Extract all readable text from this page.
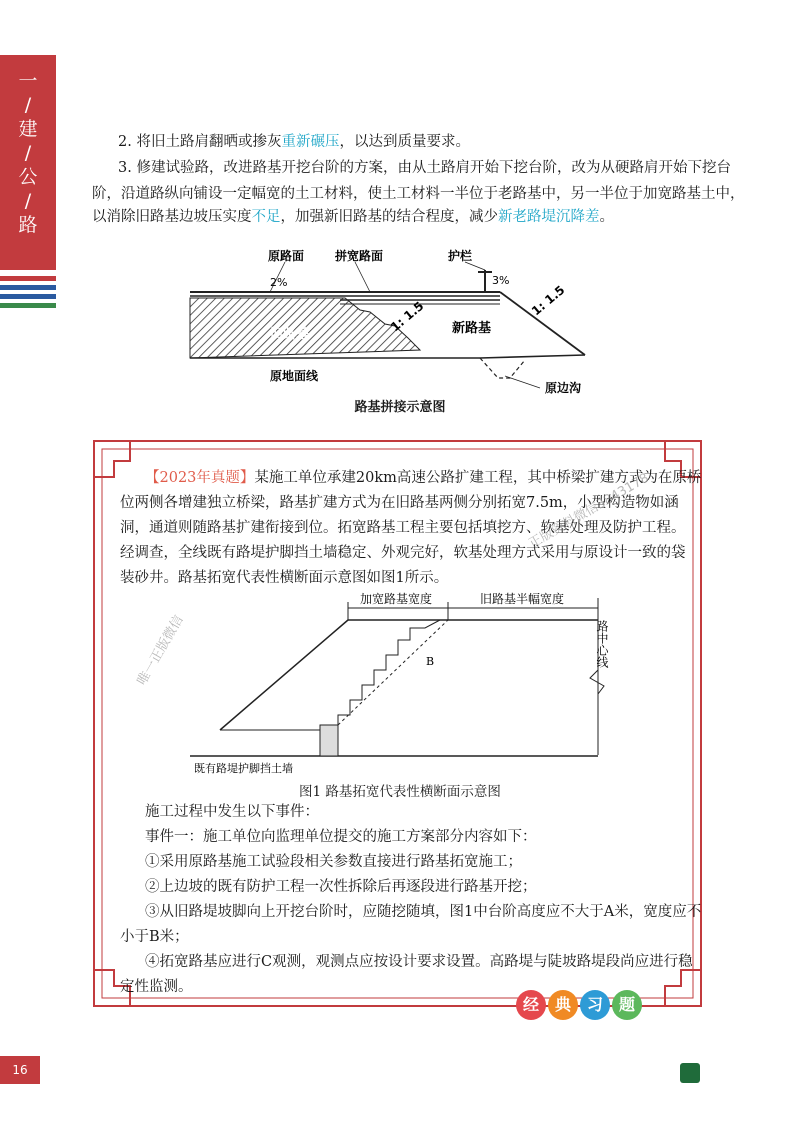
一
/
建
/
公
/
路
2. 将旧土路肩翻晒或掺灰重新碾压，以达到质量要求。
3. 修建试验路，改进路基开挖台阶的方案，由从土路肩开始下挖台阶，改为从硬路肩开始下挖台
阶，沿道路纵向铺设一定幅宽的土工材料，使土工材料一半位于老路基中，另一半位于加宽路基土中，
以消除旧路基边坡压实度不足，加强新旧路基的结合程度，减少新老路堤沉降差。
原路面	拼宽路面	护栏
2%	3%
1: 1.5
1: 1.5
旧路基	新路基
原地面线
原边沟
路基拼接示意图
【2023年真题】某施工单位承建20km高速公路扩建工程，其中桥梁扩建方式为在原桥
位两侧各增建独立桥梁，路基扩建方式为在旧路基两侧分别拓宽7.5m，小型构造物如涵
洞，通道则随路基扩建衔接到位。拓宽路基工程主要包括填挖方、软基处理及防护工程。
经调查，全线既有路堤护脚挡土墙稳定、外观完好，软基处理方式采用与原设计一致的袋
装砂井。路基拓宽代表性横断面示意图如图1所示。
加宽路基宽度	旧路基半幅宽度
B	路中心线
既有路堤护脚挡土墙
图1 路基拓宽代表性横断面示意图
施工过程中发生以下事件：
事件一：施工单位向监理单位提交的施工方案部分内容如下：
①采用原路基施工试验段相关参数直接进行路基拓宽施工；
②上边坡的既有防护工程一次性拆除后再逐段进行路基开挖；
③从旧路堤坡脚向上开挖台阶时，应随挖随填，图1中台阶高度应不大于A米，宽度应不
小于B米；
④拓宽路基应进行C观测，观测点应按设计要求设置。高路堤与陡坡路堤段尚应进行稳
定性监测。
经 典 习 题
唯一正版微信
正版资料微信3843178
16
